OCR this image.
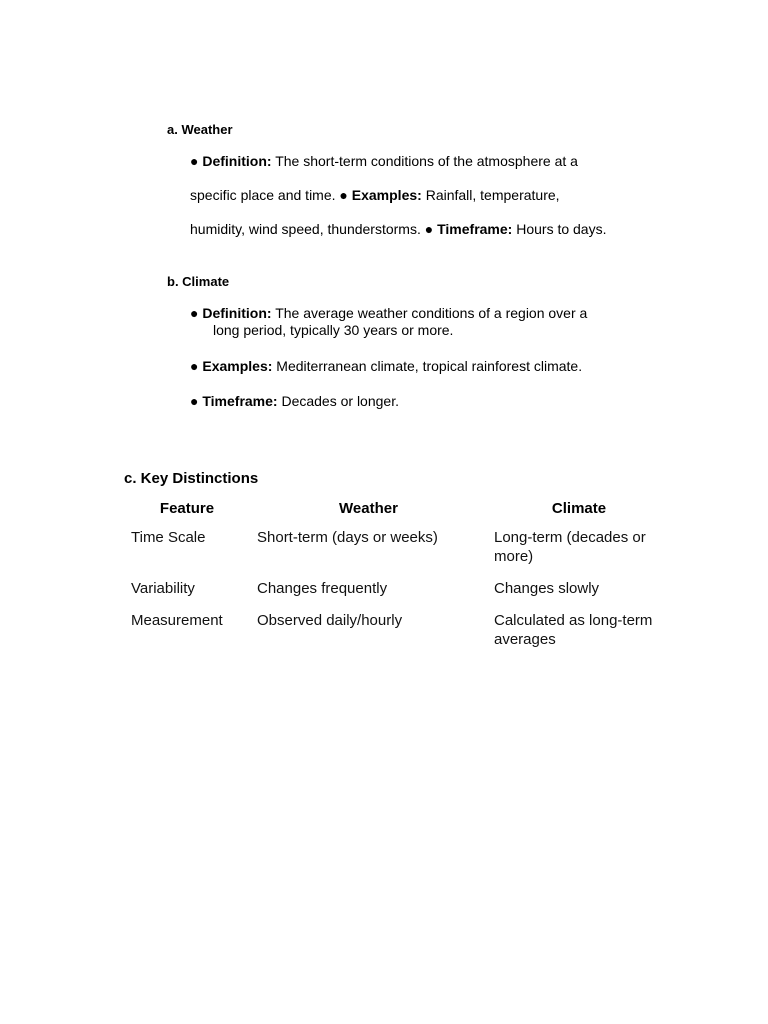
a. Weather
● Definition: The short-term conditions of the atmosphere at a
specific place and time. ● Examples: Rainfall, temperature,
humidity, wind speed, thunderstorms. ● Timeframe: Hours to days.
b. Climate
● Definition: The average weather conditions of a region over a
long period, typically 30 years or more.
● Examples: Mediterranean climate, tropical rainforest climate.
● Timeframe: Decades or longer.
c. Key Distinctions
Feature	Weather	Climate
Time Scale	Short-term (days or weeks)	Long-term (decades or more)
Variability	Changes frequently	Changes slowly
Measurement	Observed daily/hourly	Calculated as long-term averages
